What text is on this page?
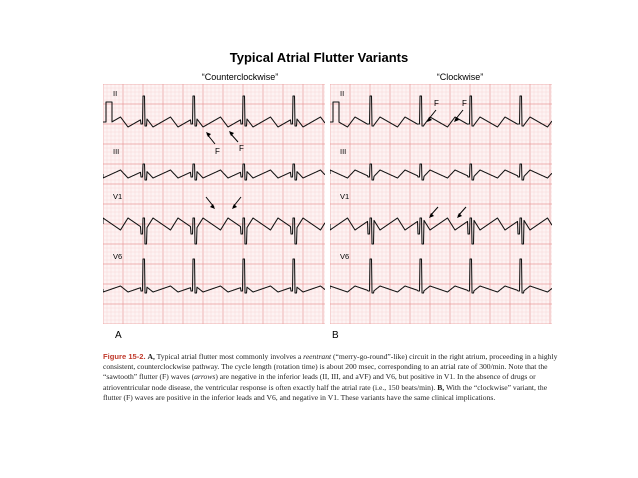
Typical Atrial Flutter Variants
“Counterclockwise”	“Clockwise”
II
III
V1
V6
F F
II
III
V1
V6
F	F
A	B
Figure 15-2. A, Typical atrial flutter most commonly involves a reentrant (“merry-go-round”-like) circuit in the right atrium, proceeding in a highly consistent, counterclockwise pathway. The cycle length (rotation time) is about 200 msec, corresponding to an atrial rate of 300/min. Note that the “sawtooth” flutter (F) waves (arrows) are negative in the inferior leads (II, III, and aVF) and V6, but positive in V1. In the absence of drugs or atrioventricular node disease, the ventricular response is often exactly half the atrial rate (i.e., 150 beats/min). B, With the “clockwise” variant, the flutter (F) waves are positive in the inferior leads and V6, and negative in V1. These variants have the same clinical implications.
